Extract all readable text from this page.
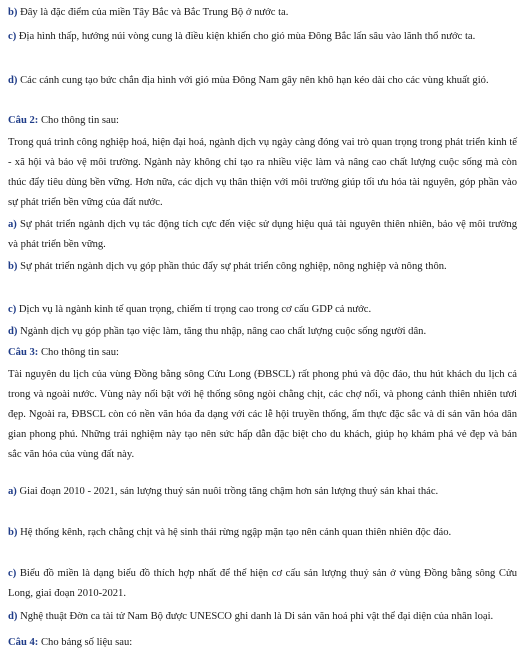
b) Đây là đặc điểm của miền Tây Bắc và Bắc Trung Bộ ở nước ta.

c) Địa hình thấp, hướng núi vòng cung là điều kiện khiến cho gió mùa Đông Bắc lấn sâu vào lãnh thổ nước ta.

d) Các cánh cung tạo bức chắn địa hình với gió mùa Đông Nam gây nên khô hạn kéo dài cho các vùng khuất gió.

Câu 2: Cho thông tin sau:

Trong quá trình công nghiệp hoá, hiện đại hoá, ngành dịch vụ ngày càng đóng vai trò quan trọng trong phát triển kinh tế - xã hội và bảo vệ môi trường. Ngành này không chỉ tạo ra nhiều việc làm và nâng cao chất lượng cuộc sống mà còn thúc đẩy tiêu dùng bền vững. Hơn nữa, các dịch vụ thân thiện với môi trường giúp tối ưu hóa tài nguyên, góp phần vào sự phát triển bền vững của đất nước.

a) Sự phát triển ngành dịch vụ tác động tích cực đến việc sử dụng hiệu quả tài nguyên thiên nhiên, bảo vệ môi trường và phát triển bền vững.

b) Sự phát triển ngành dịch vụ góp phần thúc đẩy sự phát triển công nghiệp, nông nghiệp và nông thôn.

c) Dịch vụ là ngành kinh tế quan trọng, chiếm tỉ trọng cao trong cơ cấu GDP cả nước.

d) Ngành dịch vụ góp phần tạo việc làm, tăng thu nhập, nâng cao chất lượng cuộc sống người dân.

Câu 3: Cho thông tin sau:

Tài nguyên du lịch của vùng Đồng bằng sông Cửu Long (ĐBSCL) rất phong phú và độc đáo, thu hút khách du lịch cả trong và ngoài nước. Vùng này nổi bật với hệ thống sông ngòi chằng chịt, các chợ nổi, và phong cảnh thiên nhiên tươi đẹp. Ngoài ra, ĐBSCL còn có nền văn hóa đa dạng với các lễ hội truyền thống, ẩm thực đặc sắc và di sản văn hóa dân gian phong phú. Những trải nghiệm này tạo nên sức hấp dẫn đặc biệt cho du khách, giúp họ khám phá vẻ đẹp và bản sắc văn hóa của vùng đất này.

a) Giai đoạn 2010 - 2021, sản lượng thuỷ sản nuôi trồng tăng chậm hơn sản lượng thuỷ sản khai thác.

b) Hệ thống kênh, rạch chằng chịt và hệ sinh thái rừng ngập mặn tạo nên cảnh quan thiên nhiên độc đáo.

c) Biểu đồ miền là dạng biểu đồ thích hợp nhất để thể hiện cơ cấu sản lượng thuỷ sản ở vùng Đồng bằng sông Cửu Long, giai đoạn 2010-2021.

d) Nghệ thuật Đờn ca tài tử Nam Bộ được UNESCO ghi danh là Di sản văn hoá phi vật thể đại diện của nhân loại.

Câu 4: Cho bảng số liệu sau:
